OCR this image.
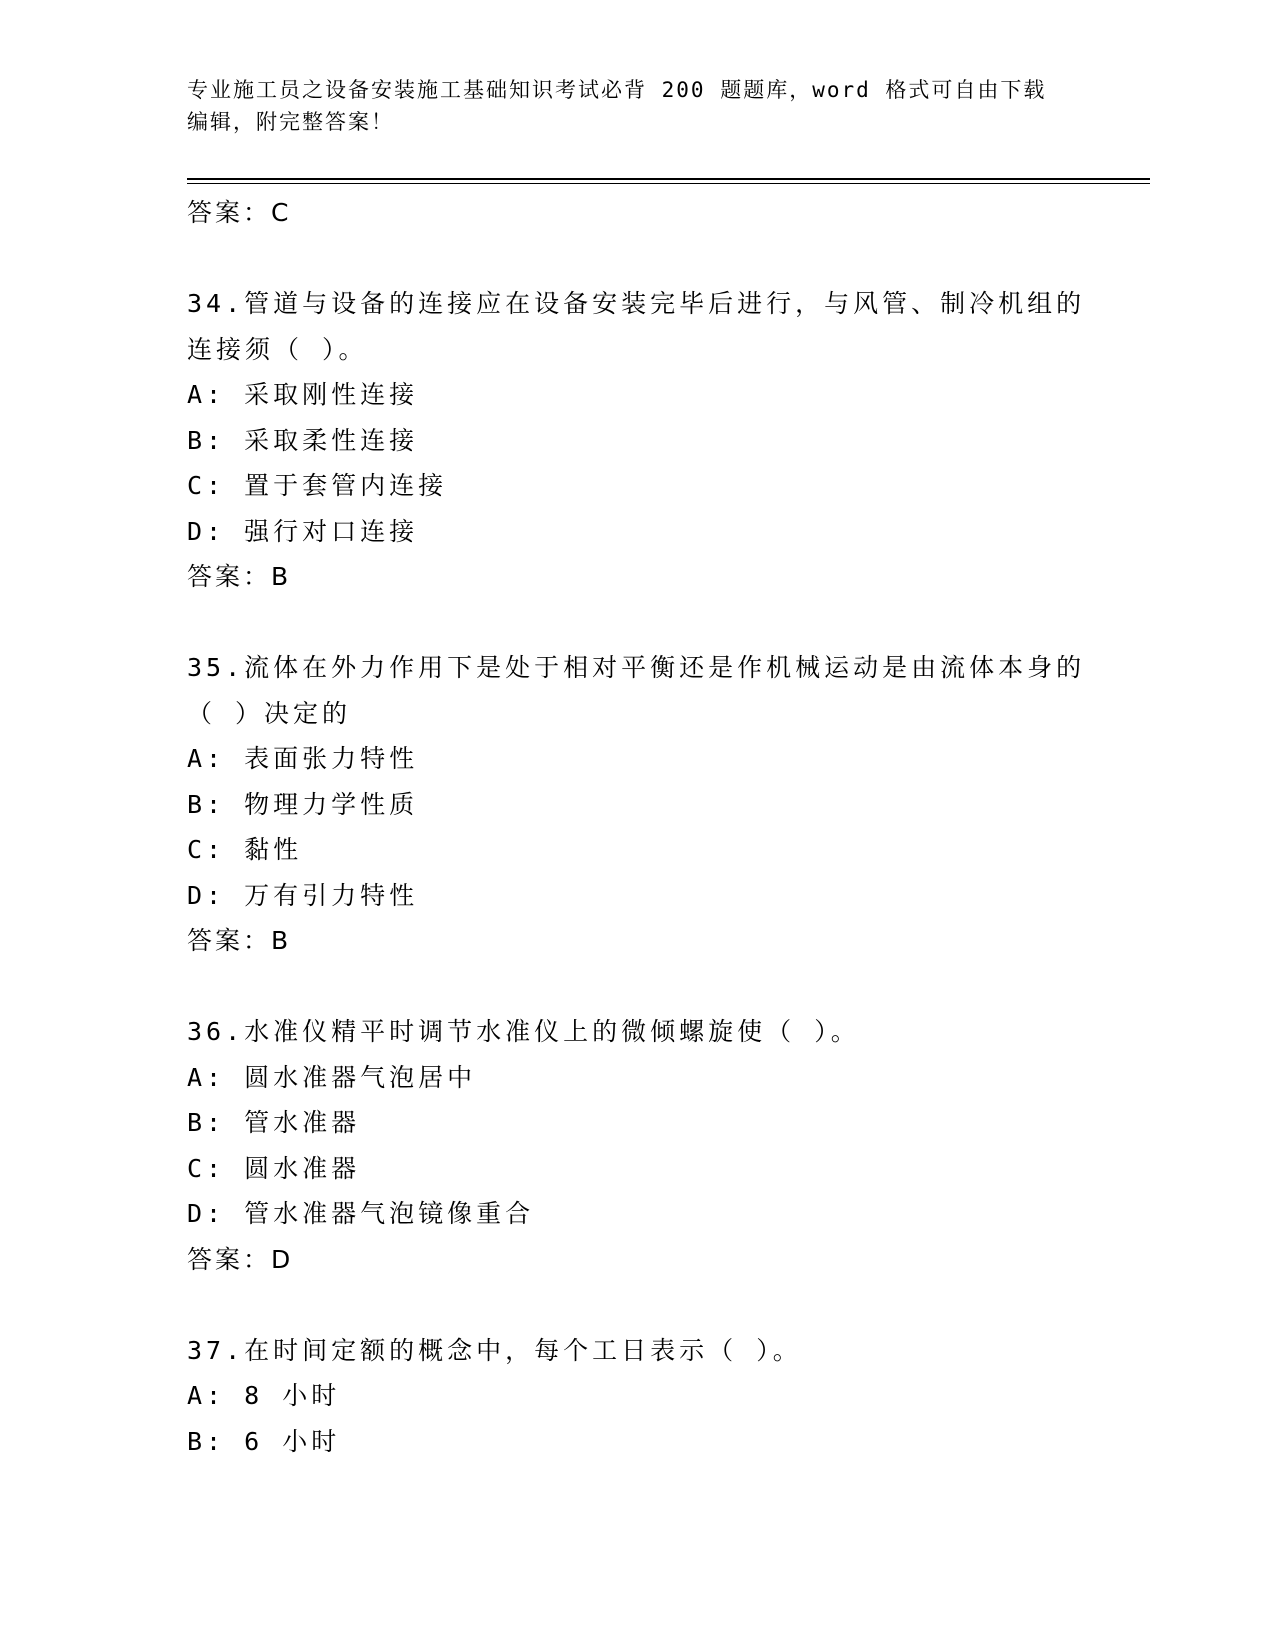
专业施工员之设备安装施工基础知识考试必背 200 题题库，word 格式可自由下载
编辑，附完整答案！
答案：C
34.管道与设备的连接应在设备安装完毕后进行，与风管、制冷机组的
连接须（ ）。
A: 采取刚性连接
B: 采取柔性连接
C: 置于套管内连接
D: 强行对口连接
答案：B
35.流体在外力作用下是处于相对平衡还是作机械运动是由流体本身的
（ ）决定的
A: 表面张力特性
B: 物理力学性质
C: 黏性
D: 万有引力特性
答案：B
36.水准仪精平时调节水准仪上的微倾螺旋使（ ）。
A: 圆水准器气泡居中
B: 管水准器
C: 圆水准器
D: 管水准器气泡镜像重合
答案：D
37.在时间定额的概念中，每个工日表示（ ）。
A: 8 小时
B: 6 小时
